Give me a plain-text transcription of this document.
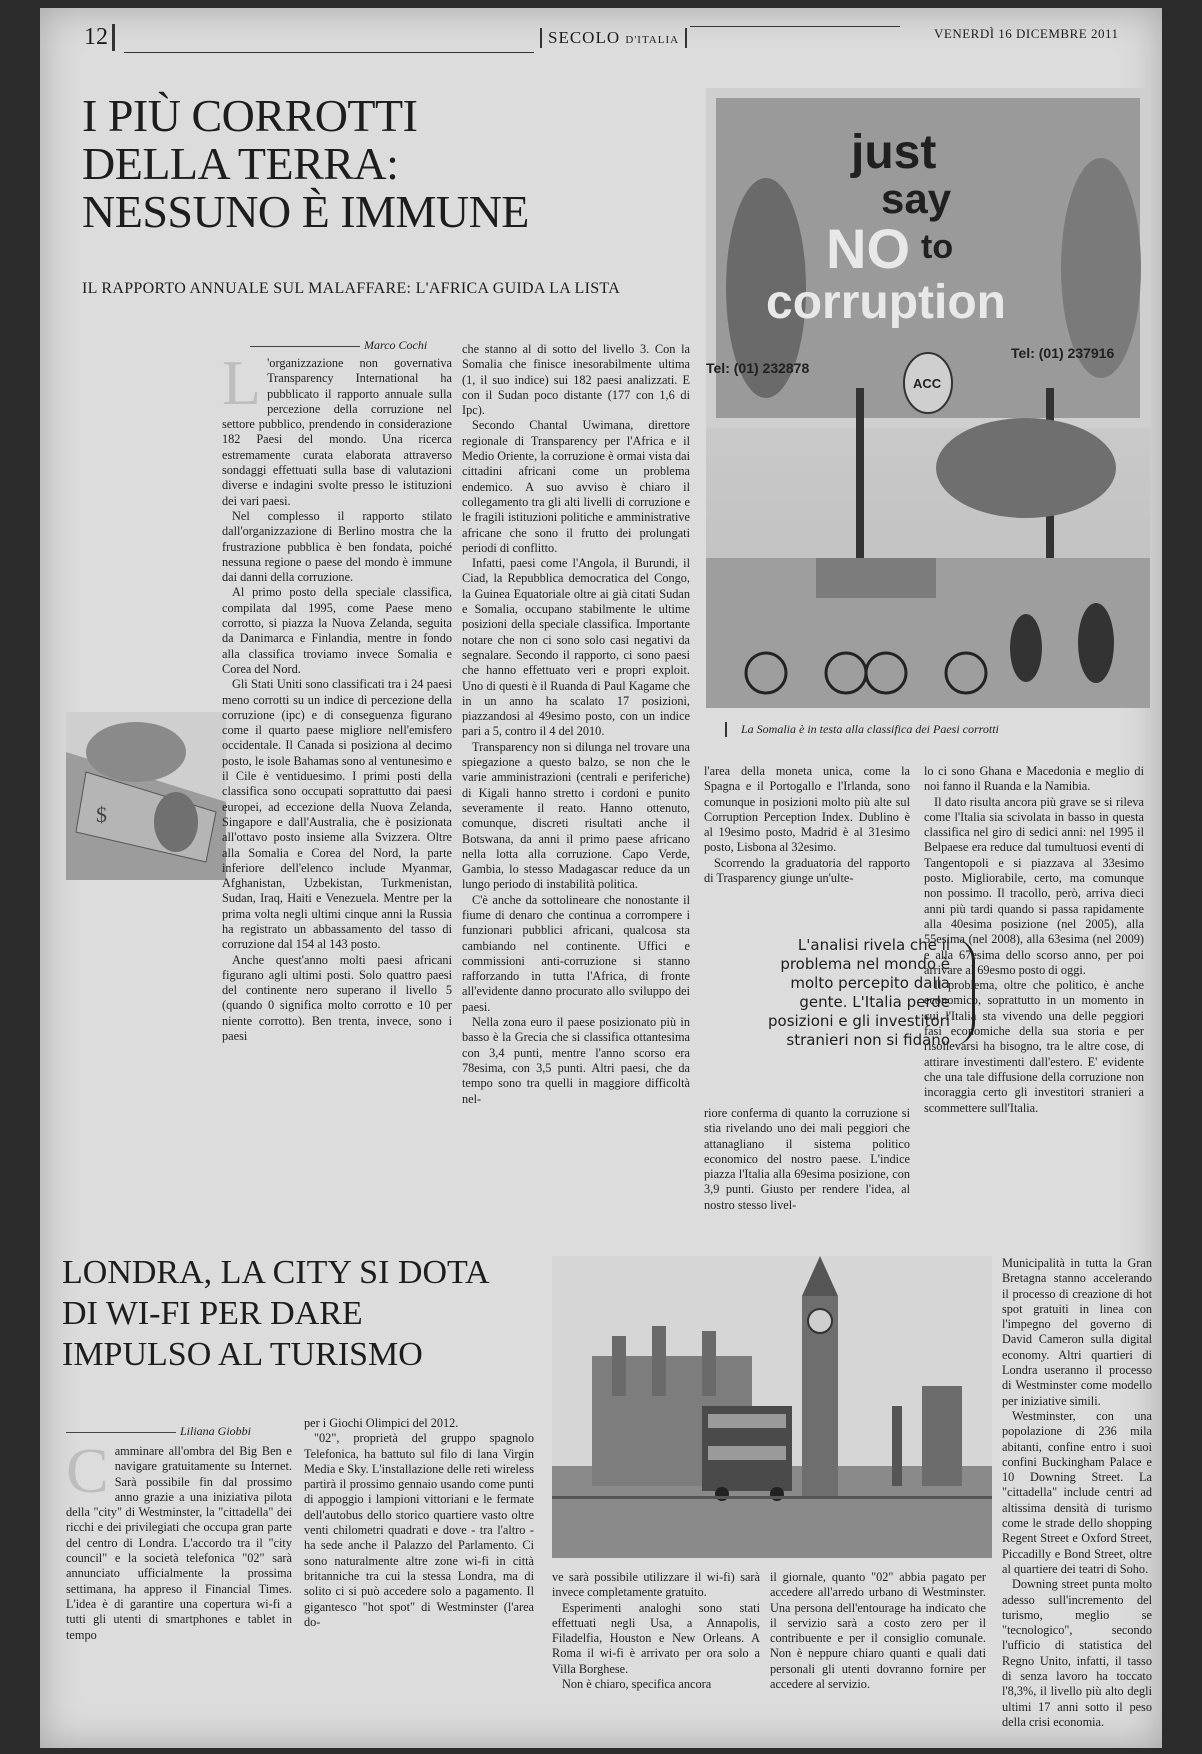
12	SECOLO D'ITALIA	VENERDÌ 16 DICEMBRE 2011
I PIÙ CORROTTI
DELLA TERRA:
NESSUNO È IMMUNE
IL RAPPORTO ANNUALE SUL MALAFFARE: L'AFRICA GUIDA LA LISTA
just
say
NO to
corruption
Tel: (01) 232878
Tel: (01) 237916
ACC
La Somalia è in testa alla classifica dei Paesi corrotti
Marco Cochi
$

L 'organizzazione non governativa Transparency International ha pubblicato il rapporto annuale sulla percezione della corruzione nel settore pubblico, prendendo in considerazione 182 Paesi del mondo. Una ricerca estremamente curata elaborata attraverso sondaggi effettuati sulla base di valutazioni diverse e indagini svolte presso le istituzioni dei vari paesi.

Nel complesso il rapporto stilato dall'organizzazione di Berlino mostra che la frustrazione pubblica è ben fondata, poiché nessuna regione o paese del mondo è immune dai danni della corruzione.

Al primo posto della speciale classifica, compilata dal 1995, come Paese meno corrotto, si piazza la Nuova Zelanda, seguita da Danimarca e Finlandia, mentre in fondo alla classifica troviamo invece Somalia e Corea del Nord.

Gli Stati Uniti sono classificati tra i 24 paesi meno corrotti su un indice di percezione della corruzione (ipc) e di conseguenza figurano come il quarto paese migliore nell'emisfero occidentale. Il Canada si posiziona al decimo posto, le isole Bahamas sono al ventunesimo e il Cile è ventiduesimo. I primi posti della classifica sono occupati soprattutto dai paesi europei, ad eccezione della Nuova Zelanda, Singapore e dall'Australia, che è posizionata all'ottavo posto insieme alla Svizzera. Oltre alla Somalia e Corea del Nord, la parte inferiore dell'elenco include Myanmar, Afghanistan, Uzbekistan, Turkmenistan, Sudan, Iraq, Haiti e Venezuela. Mentre per la prima volta negli ultimi cinque anni la Russia ha registrato un abbassamento del tasso di corruzione dal 154 al 143 posto.

Anche quest'anno molti paesi africani figurano agli ultimi posti. Solo quattro paesi del continente nero superano il livello 5 (quando 0 significa molto corrotto e 10 per niente corrotto). Ben trenta, invece, sono i paesi

che stanno al di sotto del livello 3. Con la Somalia che finisce inesorabilmente ultima (1, il suo indice) sui 182 paesi analizzati. E con il Sudan poco distante (177 con 1,6 di Ipc).

Secondo Chantal Uwimana, direttore regionale di Transparency per l'Africa e il Medio Oriente, la corruzione è ormai vista dai cittadini africani come un problema endemico. A suo avviso è chiaro il collegamento tra gli alti livelli di corruzione e le fragili istituzioni politiche e amministrative africane che sono il frutto dei prolungati periodi di conflitto.

Infatti, paesi come l'Angola, il Burundi, il Ciad, la Repubblica democratica del Congo, la Guinea Equatoriale oltre ai già citati Sudan e Somalia, occupano stabilmente le ultime posizioni della speciale classifica. Importante notare che non ci sono solo casi negativi da segnalare. Secondo il rapporto, ci sono paesi che hanno effettuato veri e propri exploit. Uno di questi è il Ruanda di Paul Kagame che in un anno ha scalato 17 posizioni, piazzandosi al 49esimo posto, con un indice pari a 5, contro il 4 del 2010.

Transparency non si dilunga nel trovare una spiegazione a questo balzo, se non che le varie amministrazioni (centrali e periferiche) di Kigali hanno stretto i cordoni e punito severamente il reato. Hanno ottenuto, comunque, discreti risultati anche il Botswana, da anni il primo paese africano nella lotta alla corruzione. Capo Verde, Gambia, lo stesso Madagascar reduce da un lungo periodo di instabilità politica.

C'è anche da sottolineare che nonostante il fiume di denaro che continua a corrompere i funzionari pubblici africani, qualcosa sta cambiando nel continente. Uffici e commissioni anti-corruzione si stanno rafforzando in tutta l'Africa, di fronte all'evidente danno procurato allo sviluppo dei paesi.

Nella zona euro il paese posizionato più in basso è la Grecia che si classifica ottantesima con 3,4 punti, mentre l'anno scorso era 78esima, con 3,5 punti. Altri paesi, che da tempo sono tra quelli in maggiore difficoltà nel-

l'area della moneta unica, come la Spagna e il Portogallo e l'Irlanda, sono comunque in posizioni molto più alte sul Corruption Perception Index. Dublino è al 19esimo posto, Madrid è al 31esimo posto, Lisbona al 32esimo.

Scorrendo la graduatoria del rapporto di Trasparency giunge un'ulte-

L'analisi rivela che il problema nel mondo è molto percepito dalla gente. L'Italia perde posizioni e gli investitori stranieri non si fidano

riore conferma di quanto la corruzione si stia rivelando uno dei mali peggiori che attanagliano il sistema politico economico del nostro paese. L'indice piazza l'Italia alla 69esima posizione, con 3,9 punti. Giusto per rendere l'idea, al nostro stesso livel-

lo ci sono Ghana e Macedonia e meglio di noi fanno il Ruanda e la Namibia.

Il dato risulta ancora più grave se si rileva come l'Italia sia scivolata in basso in questa classifica nel giro di sedici anni: nel 1995 il Belpaese era reduce dal tumultuosi eventi di Tangentopoli e si piazzava al 33esimo posto. Migliorabile, certo, ma comunque non possimo. Il tracollo, però, arriva dieci anni più tardi quando si passa rapidamente alla 40esima posizione (nel 2005), alla 55esima (nel 2008), alla 63esima (nel 2009) e alla 67esima dello scorso anno, per poi arrivare al 69esmo posto di oggi.

Il problema, oltre che politico, è anche economico, soprattutto in un momento in cui l'Italia sta vivendo una delle peggiori fasi economiche della sua storia e per risollevarsi ha bisogno, tra le altre cose, di attirare investimenti dall'estero. E' evidente che una tale diffusione della corruzione non incoraggia certo gli investitori stranieri a scommettere sull'Italia.

LONDRA, LA CITY SI DOTA
DI WI-FI PER DARE
IMPULSO AL TURISMO
Liliana Giobbi

Camminare all'ombra del Big Ben e navigare gratuitamente su Internet. Sarà possibile fin dal prossimo anno grazie a una iniziativa pilota della "city" di Westminster, la "cittadella" dei ricchi e dei privilegiati che occupa gran parte del centro di Londra. L'accordo tra il "city council" e la società telefonica "02" sarà annunciato ufficialmente la prossima settimana, ha appreso il Financial Times. L'idea è di garantire una copertura wi-fi a tutti gli utenti di smartphones e tablet in tempo

per i Giochi Olimpici del 2012.

"02", proprietà del gruppo spagnolo Telefonica, ha battuto sul filo di lana Virgin Media e Sky. L'installazione delle reti wireless partirà il prossimo gennaio usando come punti di appoggio i lampioni vittoriani e le fermate dell'autobus dello storico quartiere vasto oltre venti chilometri quadrati e dove - tra l'altro - ha sede anche il Palazzo del Parlamento. Ci sono naturalmente altre zone wi-fi in città britanniche tra cui la stessa Londra, ma di solito ci si può accedere solo a pagamento. Il gigantesco "hot spot" di Westminster (l'area do-

ve sarà possibile utilizzare il wi-fi) sarà invece completamente gratuito.

Esperimenti analoghi sono stati effettuati negli Usa, a Annapolis, Filadelfia, Houston e New Orleans. A Roma il wi-fi è arrivato per ora solo a Villa Borghese.

Non è chiaro, specifica ancora

il giornale, quanto "02" abbia pagato per accedere all'arredo urbano di Westminster. Una persona dell'entourage ha indicato che il servizio sarà a costo zero per il contribuente e per il consiglio comunale. Non è neppure chiaro quanti e quali dati personali gli utenti dovranno fornire per accedere al servizio.

Municipalità in tutta la Gran Bretagna stanno accelerando il processo di creazione di hot spot gratuiti in linea con l'impegno del governo di David Cameron sulla digital economy. Altri quartieri di Londra useranno il processo di Westminster come modello per iniziative simili.

Westminster, con una popolazione di 236 mila abitanti, confine entro i suoi confini Buckingham Palace e 10 Downing Street. La "cittadella" include centri ad altissima densità di turismo come le strade dello shopping Regent Street e Oxford Street, Piccadilly e Bond Street, oltre al quartiere dei teatri di Soho.

Downing street punta molto adesso sull'incremento del turismo, meglio se "tecnologico", secondo l'ufficio di statistica del Regno Unito, infatti, il tasso di senza lavoro ha toccato l'8,3%, il livello più alto degli ultimi 17 anni sotto il peso della crisi economia.
